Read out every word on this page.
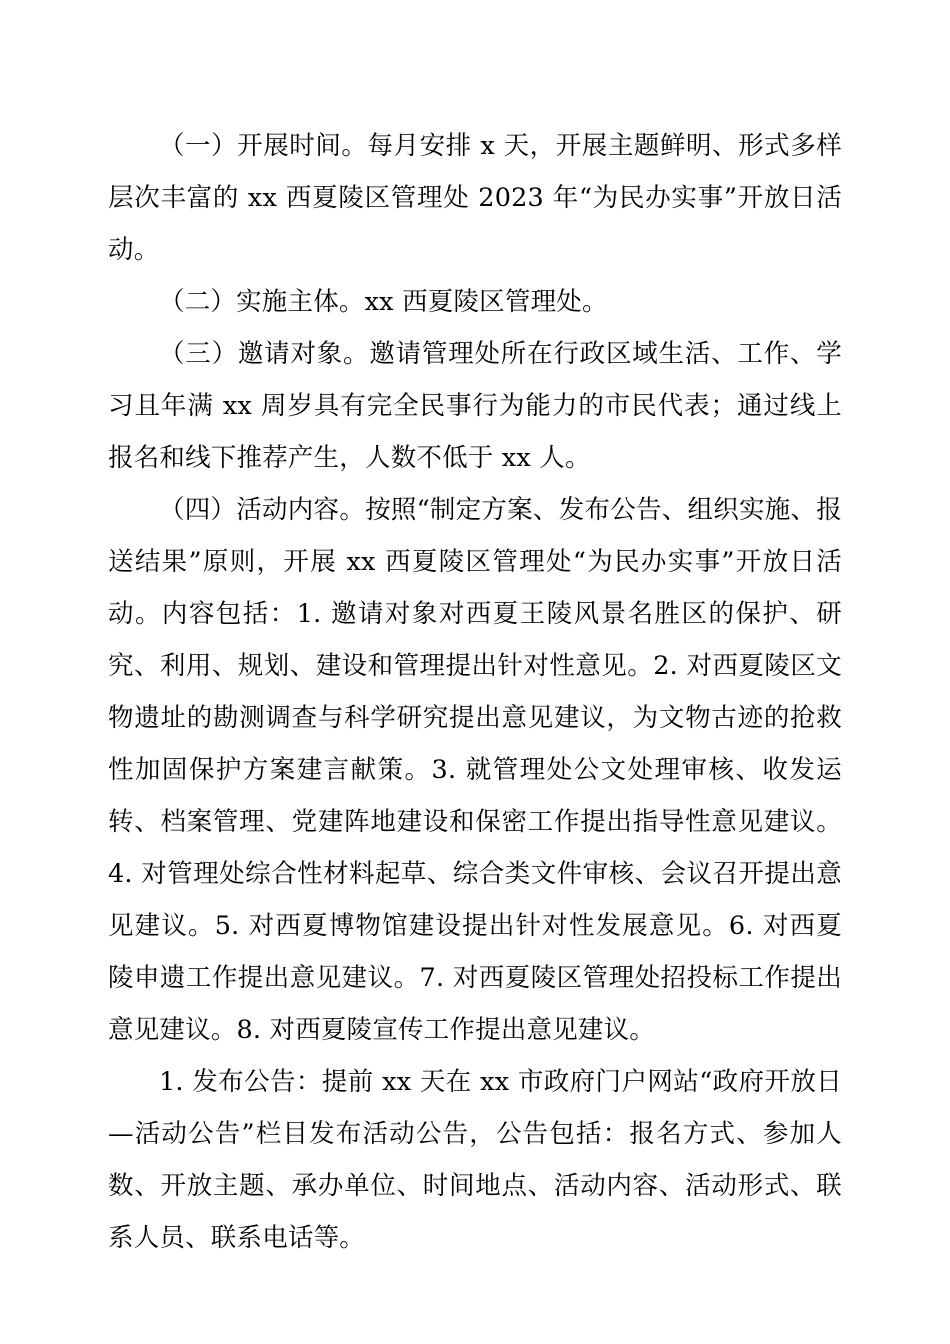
（一）开展时间。每月安排 x 天，开展主题鲜明、形式多样层次丰富的 xx 西夏陵区管理处 2023 年“为民办实事”开放日活动。

（二）实施主体。xx 西夏陵区管理处。

（三）邀请对象。邀请管理处所在行政区域生活、工作、学习且年满 xx 周岁具有完全民事行为能力的市民代表；通过线上报名和线下推荐产生，人数不低于 xx 人。

（四）活动内容。按照“制定方案、发布公告、组织实施、报送结果”原则，开展 xx 西夏陵区管理处“为民办实事”开放日活动。内容包括：1. 邀请对象对西夏王陵风景名胜区的保护、研究、利用、规划、建设和管理提出针对性意见。2. 对西夏陵区文物遗址的勘测调查与科学研究提出意见建议，为文物古迹的抢救性加固保护方案建言献策。3. 就管理处公文处理审核、收发运转、档案管理、党建阵地建设和保密工作提出指导性意见建议。4. 对管理处综合性材料起草、综合类文件审核、会议召开提出意见建议。5. 对西夏博物馆建设提出针对性发展意见。6. 对西夏陵申遗工作提出意见建议。7. 对西夏陵区管理处招投标工作提出意见建议。8. 对西夏陵宣传工作提出意见建议。

1. 发布公告：提前 xx 天在 xx 市政府门户网站“政府开放日—活动公告”栏目发布活动公告，公告包括：报名方式、参加人数、开放主题、承办单位、时间地点、活动内容、活动形式、联系人员、联系电话等。
